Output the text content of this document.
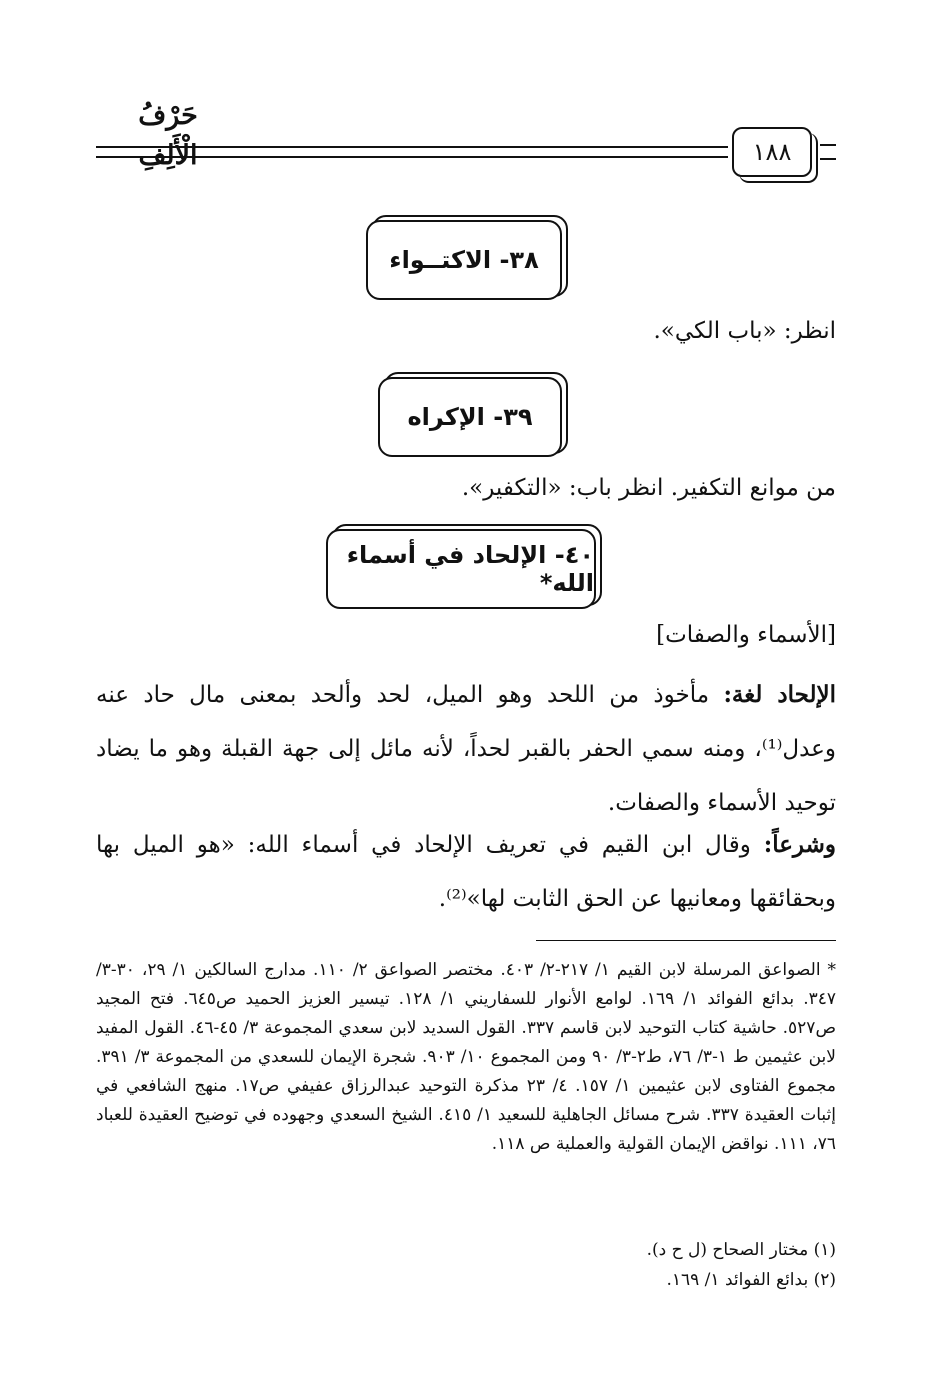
حَرْفُ الْأَلِفِ	١٨٨
٣٨- الاكتــواء
انظر: «باب الكي».
٣٩- الإكراه
من موانع التكفير. انظر باب: «التكفير».
٤٠- الإلحاد في أسماء الله*
[الأسماء والصفات]
الإلحاد لغة: مأخوذ من اللحد وهو الميل، لحد وألحد بمعنى مال حاد عنه وعدل⁽¹⁾، ومنه سمي الحفر بالقبر لحداً، لأنه مائل إلى جهة القبلة وهو ما يضاد توحيد الأسماء والصفات.
وشرعاً: وقال ابن القيم في تعريف الإلحاد في أسماء الله: «هو الميل بها وبحقائقها ومعانيها عن الحق الثابت لها»⁽²⁾.
* الصواعق المرسلة لابن القيم ١/ ٢١٧-٢/ ٤٠٣. مختصر الصواعق ٢/ ١١٠. مدارج السالكين ١/ ٢٩، ٣٠-٣/ ٣٤٧. بدائع الفوائد ١/ ١٦٩. لوامع الأنوار للسفاريني ١/ ١٢٨. تيسير العزيز الحميد ص٦٤٥. فتح المجيد ص٥٢٧. حاشية كتاب التوحيد لابن قاسم ٣٣٧. القول السديد لابن سعدي المجموعة ٣/ ٤٥-٤٦. القول المفيد لابن عثيمين ط ١-٣/ ٧٦، ط٢-٣/ ٩٠ ومن المجموع ١٠/ ٩٠٣. شجرة الإيمان للسعدي من المجموعة ٣/ ٣٩١. مجموع الفتاوى لابن عثيمين ١/ ١٥٧. ٤/ ٢٣ مذكرة التوحيد عبدالرزاق عفيفي ص١٧. منهج الشافعي في إثبات العقيدة ٣٣٧. شرح مسائل الجاهلية للسعيد ١/ ٤١٥. الشيخ السعدي وجهوده في توضيح العقيدة للعباد ٧٦، ١١١. نواقض الإيمان القولية والعملية ص ١١٨.
(١) مختار الصحاح (ل ح د).
(٢) بدائع الفوائد ١/ ١٦٩.
